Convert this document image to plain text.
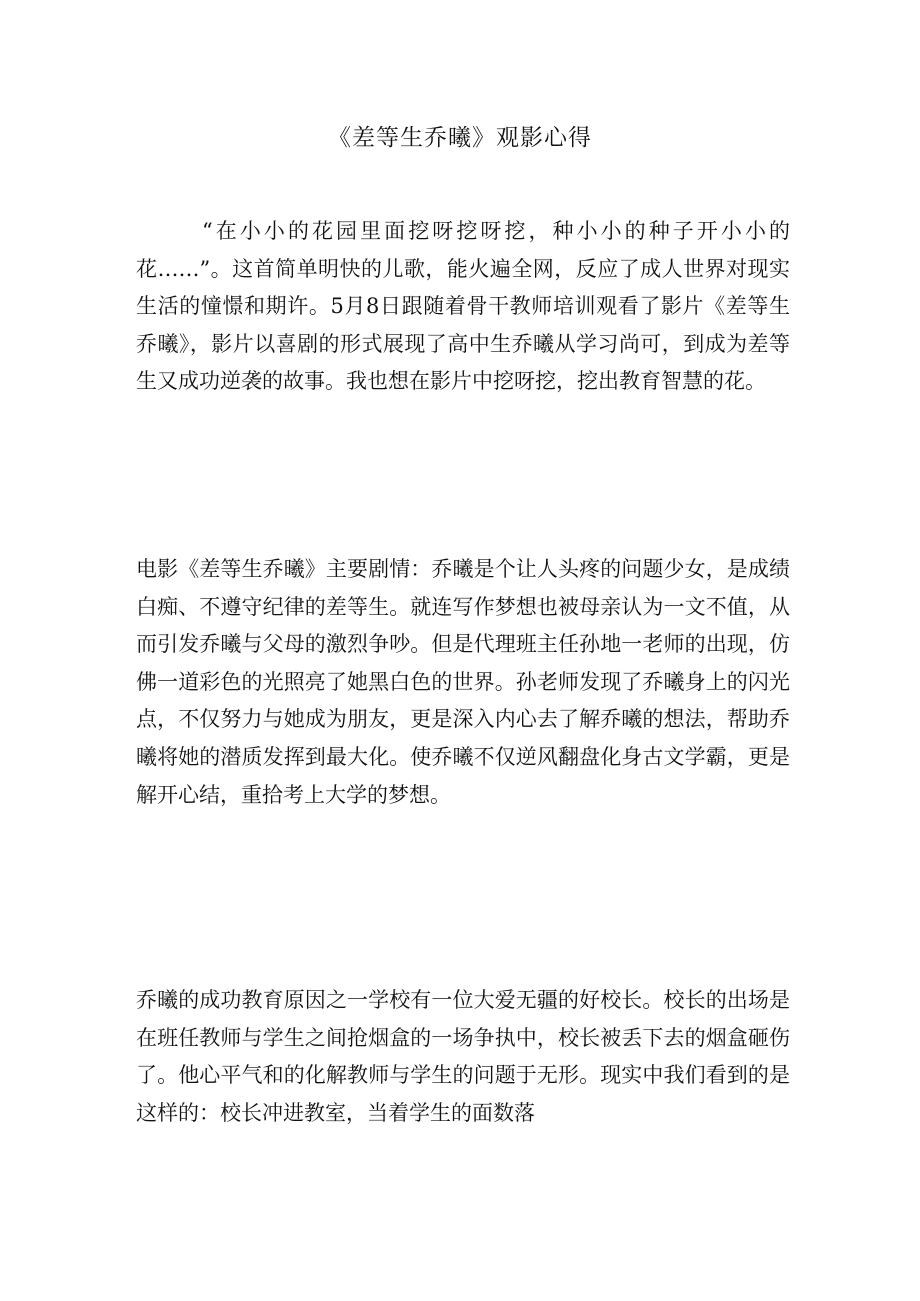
《差等生乔曦》观影心得

“在小小的花园里面挖呀挖呀挖，种小小的种子开小小的花……”。这首简单明快的儿歌，能火遍全网，反应了成人世界对现实生活的憧憬和期许。5月8日跟随着骨干教师培训观看了影片《差等生乔曦》，影片以喜剧的形式展现了高中生乔曦从学习尚可，到成为差等生又成功逆袭的故事。我也想在影片中挖呀挖，挖出教育智慧的花。

电影《差等生乔曦》主要剧情：乔曦是个让人头疼的问题少女，是成绩白痴、不遵守纪律的差等生。就连写作梦想也被母亲认为一文不值，从而引发乔曦与父母的激烈争吵。但是代理班主任孙地一老师的出现，仿佛一道彩色的光照亮了她黑白色的世界。孙老师发现了乔曦身上的闪光点，不仅努力与她成为朋友，更是深入内心去了解乔曦的想法，帮助乔曦将她的潜质发挥到最大化。使乔曦不仅逆风翻盘化身古文学霸，更是解开心结，重拾考上大学的梦想。

乔曦的成功教育原因之一学校有一位大爱无疆的好校长。校长的出场是在班任教师与学生之间抢烟盒的一场争执中，校长被丢下去的烟盒砸伤了。他心平气和的化解教师与学生的问题于无形。现实中我们看到的是这样的：校长冲进教室，当着学生的面数落
